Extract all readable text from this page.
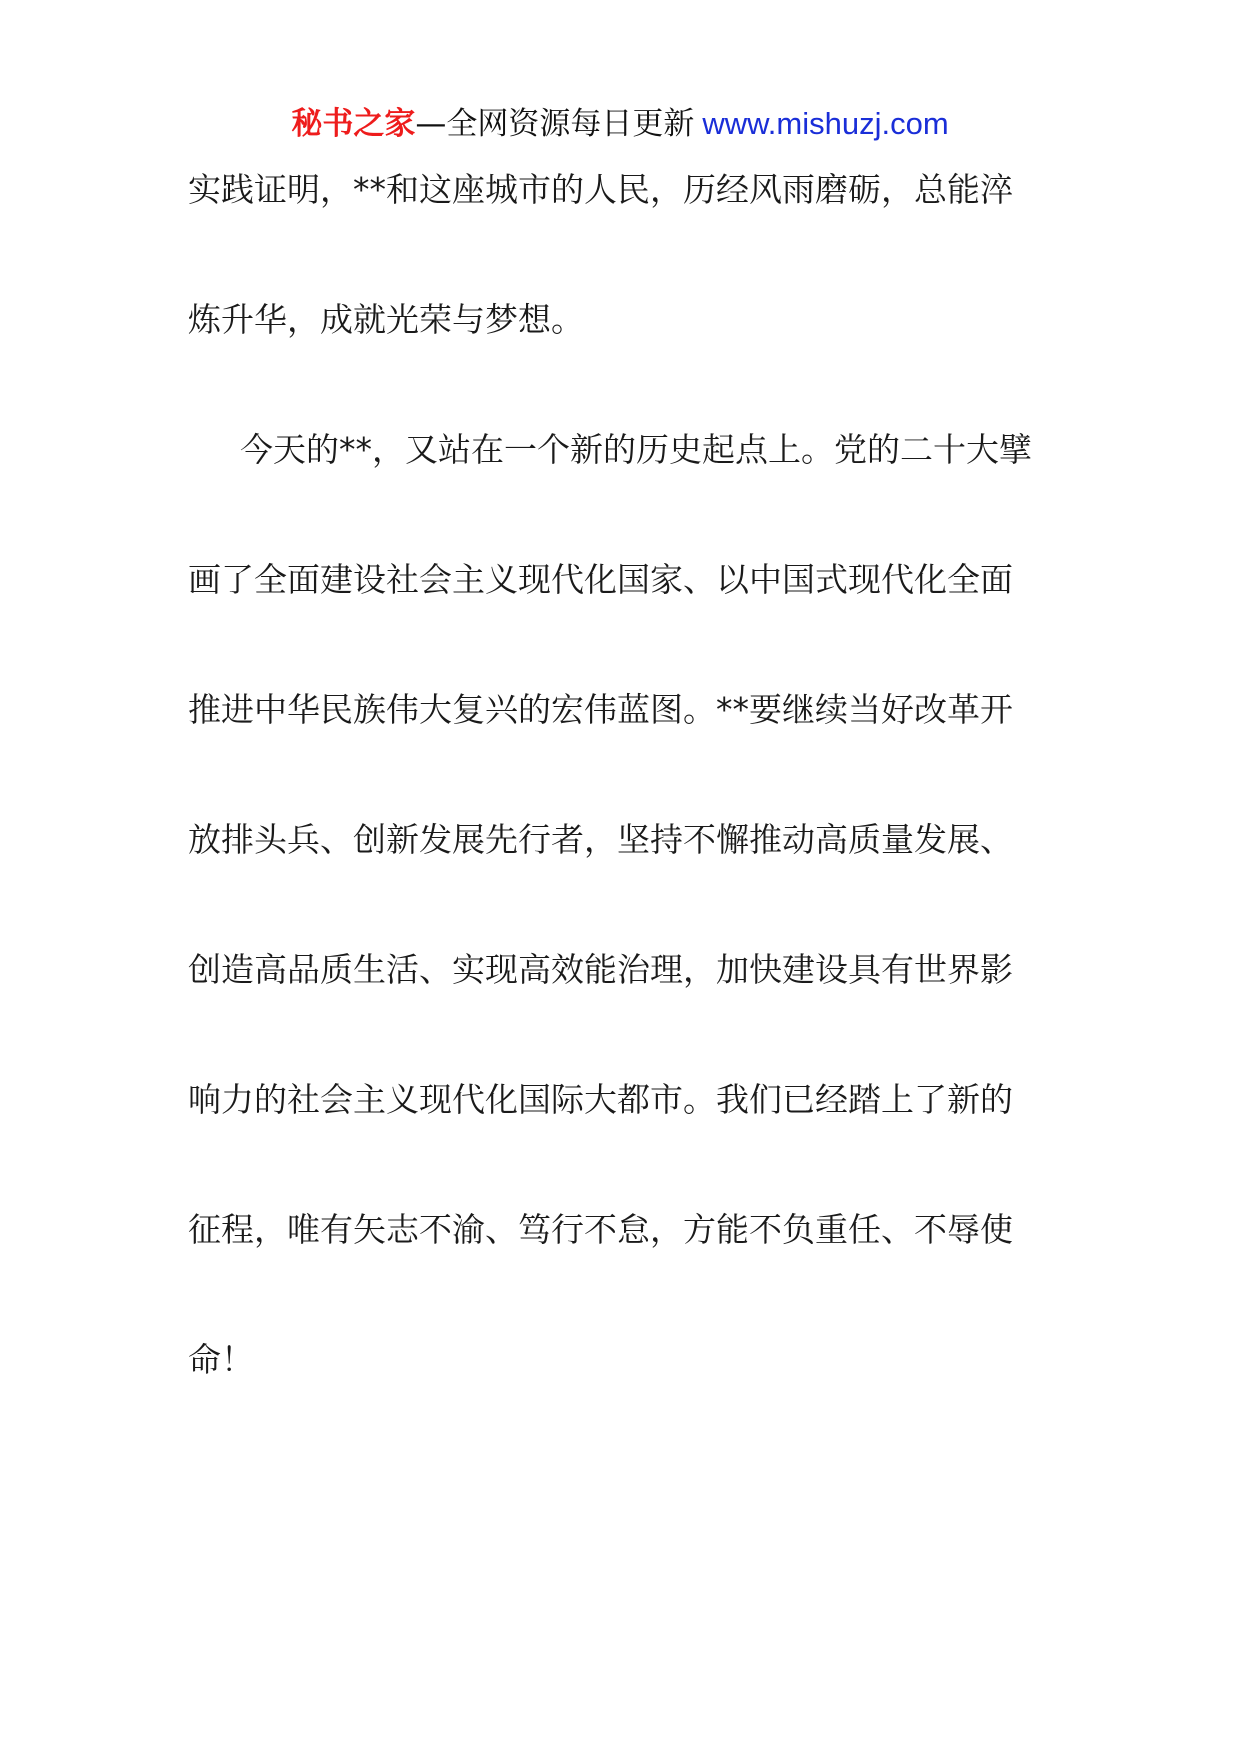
秘书之家—全网资源每日更新 www.mishuzj.com
实践证明，**和这座城市的人民，历经风雨磨砺，总能淬
炼升华，成就光荣与梦想。
今天的**，又站在一个新的历史起点上。党的二十大擘
画了全面建设社会主义现代化国家、以中国式现代化全面
推进中华民族伟大复兴的宏伟蓝图。**要继续当好改革开
放排头兵、创新发展先行者，坚持不懈推动高质量发展、
创造高品质生活、实现高效能治理，加快建设具有世界影
响力的社会主义现代化国际大都市。我们已经踏上了新的
征程，唯有矢志不渝、笃行不怠，方能不负重任、不辱使
命！
